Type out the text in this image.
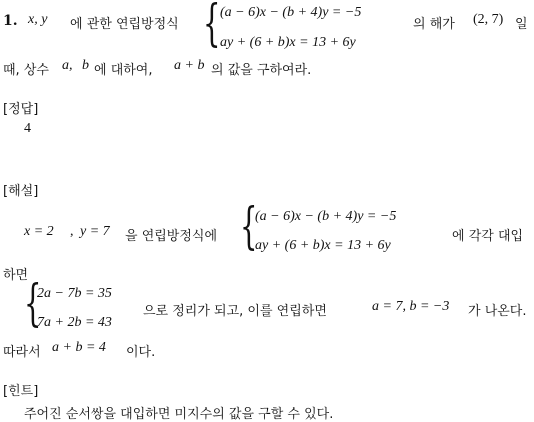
1. x, y 에 관한 연립방정식 { (a − 6)x − (b + 4)y = −5
ay + (6 + b)x = 13 + 6y
의 해가 (2, 7) 일
때, 상수 a, b 에 대하여, a + b 의 값을 구하여라.
[정답]
4
[해설]
x = 2 , y = 7 을 연립방정식에 {
(a − 6)x − (b + 4)y = −5
ay + (6 + b)x = 13 + 6y
에 각각 대입
하면
{
2a − 7b = 35
7a + 2b = 43
으로 정리가 되고, 이를 연립하면	a = 7, b = −3 가 나온다.
따라서 a + b = 4 이다.
[힌트]
주어진 순서쌍을 대입하면 미지수의 값을 구할 수 있다.
